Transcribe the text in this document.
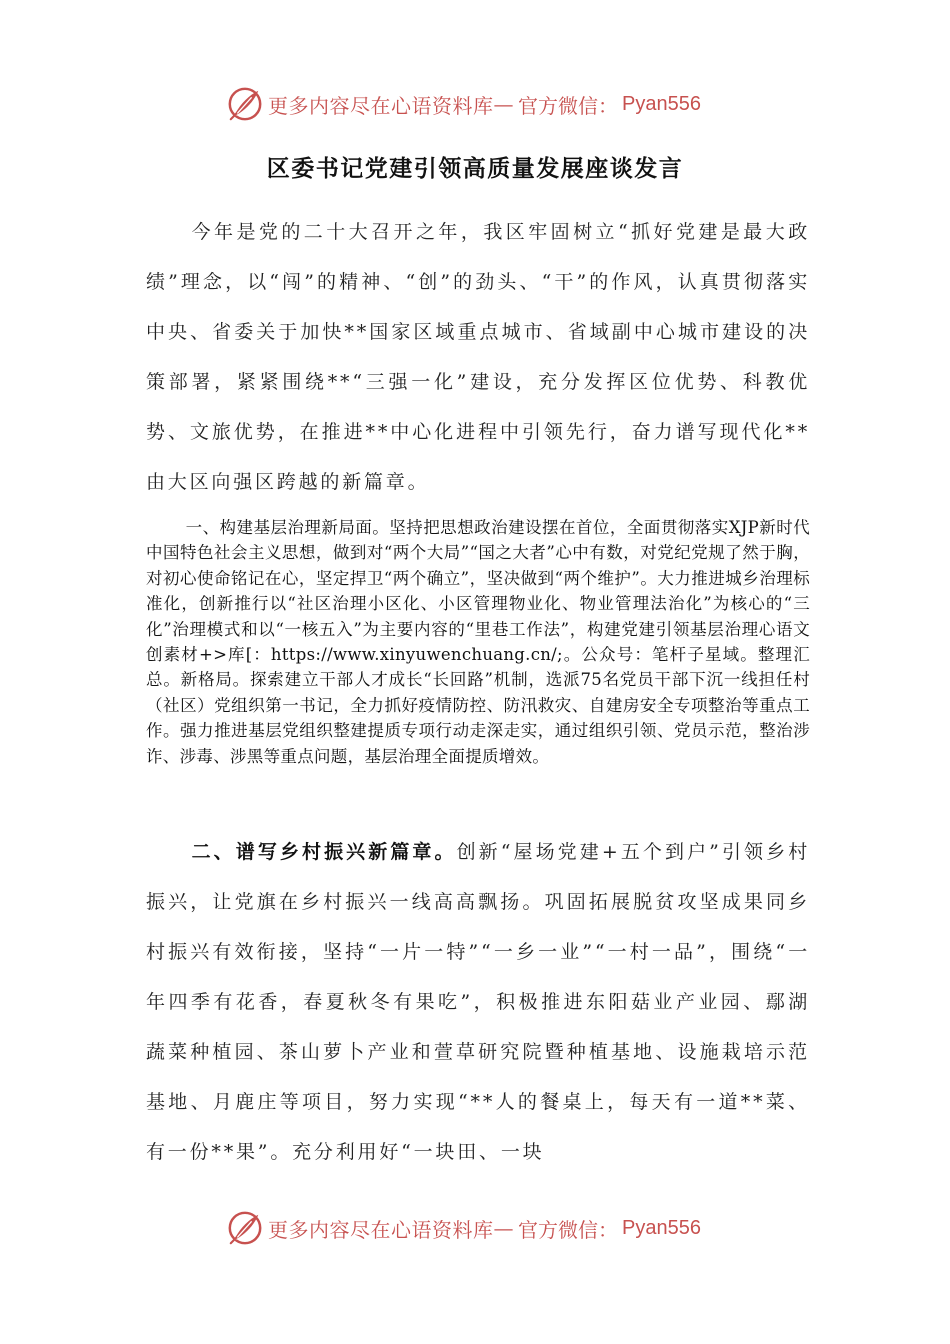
更多内容尽在心语资料库 — 官方微信： Pyan556
区委书记党建引领高质量发展座谈发言

今年是党的二十大召开之年，我区牢固树立“抓好党建是最大政绩”理念，以“闯”的精神、“创”的劲头、“干”的作风，认真贯彻落实中央、省委关于加快**国家区域重点城市、省域副中心城市建设的决策部署，紧紧围绕**“三强一化”建设，充分发挥区位优势、科教优势、文旅优势，在推进**中心化进程中引领先行，奋力谱写现代化**由大区向强区跨越的新篇章。

一、构建基层治理新局面。坚持把思想政治建设摆在首位，全面贯彻落实XJP新时代中国特色社会主义思想，做到对“两个大局”“国之大者”心中有数，对党纪党规了然于胸，对初心使命铭记在心，坚定捍卫“两个确立”，坚决做到“两个维护”。大力推进城乡治理标准化，创新推行以“社区治理小区化、小区管理物业化、物业管理法治化”为核心的“三化”治理模式和以“一核五入”为主要内容的“里巷工作法”，构建党建引领基层治理心语文创素材+>库[：https://www.xinyuwenchuang.cn/;。公众号：笔杆子星域。整理汇总。新格局。探索建立干部人才成长“长回路”机制，选派75名党员干部下沉一线担任村（社区）党组织第一书记，全力抓好疫情防控、防汛救灾、自建房安全专项整治等重点工作。强力推进基层党组织整建提质专项行动走深走实，通过组织引领、党员示范，整治涉诈、涉毒、涉黑等重点问题，基层治理全面提质增效。

二、谱写乡村振兴新篇章。创新“屋场党建+五个到户”引领乡村振兴，让党旗在乡村振兴一线高高飘扬。巩固拓展脱贫攻坚成果同乡村振兴有效衔接，坚持“一片一特”“一乡一业”“一村一品”，围绕“一年四季有花香，春夏秋冬有果吃”，积极推进东阳菇业产业园、鄢湖蔬菜种植园、茶山萝卜产业和萱草研究院暨种植基地、设施栽培示范基地、月鹿庄等项目，努力实现“**人的餐桌上，每天有一道**菜、有一份**果”。充分利用好“一块田、一块

更多内容尽在心语资料库 — 官方微信： Pyan556
